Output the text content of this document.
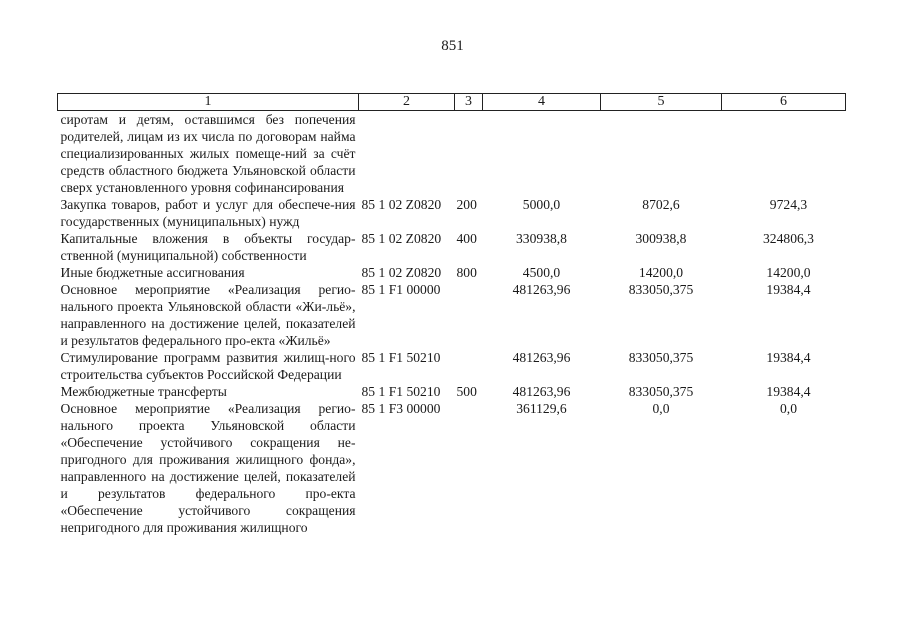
851
1	2	3	4	5	6
сиротам и детям, оставшимся без попечения родителей, лицам из их числа по договорам найма специализированных жилых помеще-ний за счёт средств областного бюджета Ульяновской области сверх установленного уровня софинансирования					
Закупка товаров, работ и услуг для обеспече-ния государственных (муниципальных) нужд	85 1 02 Z0820	200	5000,0	8702,6	9724,3
Капитальные вложения в объекты государ-ственной (муниципальной) собственности	85 1 02 Z0820	400	330938,8	300938,8	324806,3
Иные бюджетные ассигнования	85 1 02 Z0820	800	4500,0	14200,0	14200,0
Основное мероприятие «Реализация регио-нального проекта Ульяновской области «Жи-льё», направленного на достижение целей, показателей и результатов федерального про-екта «Жильё»	85 1 F1 00000		481263,96	833050,375	19384,4
Стимулирование программ развития жилищ-ного строительства субъектов Российской Федерации	85 1 F1 50210		481263,96	833050,375	19384,4
Межбюджетные трансферты	85 1 F1 50210	500	481263,96	833050,375	19384,4
Основное мероприятие «Реализация регио-нального проекта Ульяновской области «Обеспечение устойчивого сокращения не-пригодного для проживания жилищного фонда», направленного на достижение целей, показателей и результатов федерального про-екта «Обеспечение устойчивого сокращения непригодного для проживания жилищного	85 1 F3 00000		361129,6	0,0	0,0
